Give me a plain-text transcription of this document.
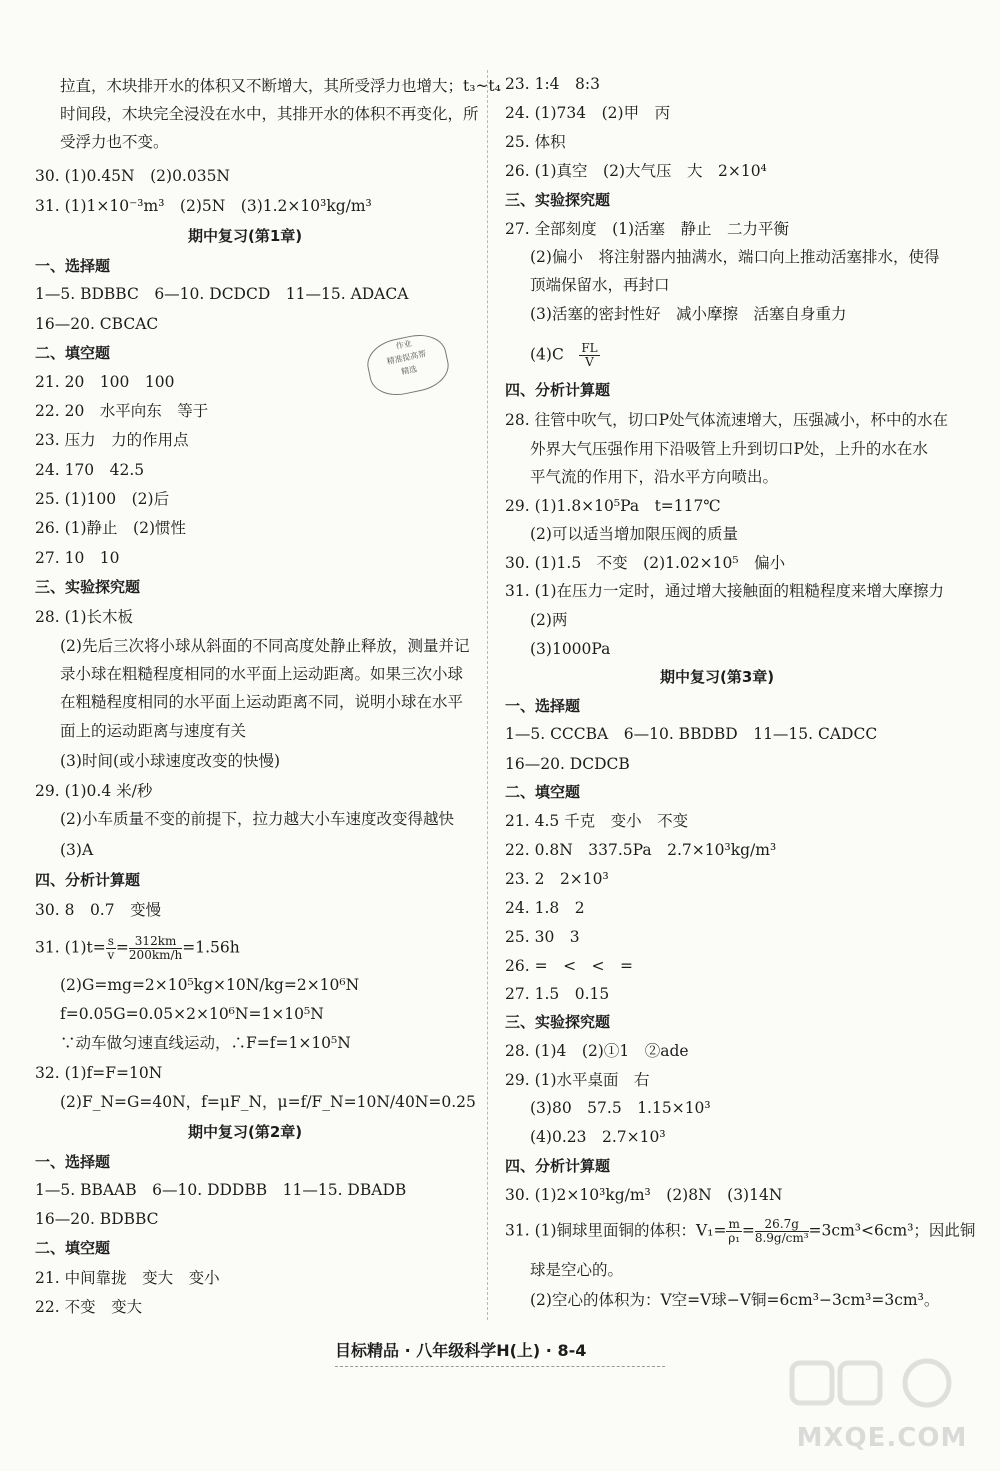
拉直，木块排开水的体积又不断增大，其所受浮力也增大；t₃~t₄
时间段，木块完全浸没在水中，其排开水的体积不再变化，所
受浮力也不变。
30. (1)0.45N　(2)0.035N
31. (1)1×10⁻³m³　(2)5N　(3)1.2×10³kg/m³
期中复习(第1章)
一、选择题
1—5. BDBBC　6—10. DCDCD　11—15. ADACA
16—20. CBCAC
二、填空题
21. 20　100　100
22. 20　水平向东　等于
23. 压力　力的作用点
24. 170　42.5
25. (1)100　(2)后
26. (1)静止　(2)惯性
27. 10　10
三、实验探究题
28. (1)长木板
(2)先后三次将小球从斜面的不同高度处静止释放，测量并记
录小球在粗糙程度相同的水平面上运动距离。如果三次小球
在粗糙程度相同的水平面上运动距离不同，说明小球在水平
面上的运动距离与速度有关
(3)时间(或小球速度改变的快慢)
29. (1)0.4 米/秒
(2)小车质量不变的前提下，拉力越大小车速度改变得越快
(3)A
四、分析计算题
30. 8　0.7　变慢
31. $(1)t= \frac{s}{v} = \frac{312km}{200km/h} =1.56h$
(2)G=mg=2×10⁵kg×10N/kg=2×10⁶N
f=0.05G=0.05×2×10⁶N=1×10⁵N
∵动车做匀速直线运动，∴F=f=1×10⁵N
32. (1)f=F=10N
(2)F_N=G=40N，f=μF_N，μ=f/F_N=10N/40N=0.25
期中复习(第2章)
一、选择题
1—5. BBAAB　6—10. DDDBB　11—15. DBADB
16—20. BDBBC
二、填空题
21. 中间靠拢　变大　变小
22. 不变　变大
作业
精准提高帮
精选
23. 1:4　8:3
24. (1)734　(2)甲　丙
25. 体积
26. (1)真空　(2)大气压　大　2×10⁴
三、实验探究题
27. 全部刻度　(1)活塞　静止　二力平衡
(2)偏小　将注射器内抽满水，端口向上推动活塞排水，使得
顶端保留水，再封口
(3)活塞的密封性好　减小摩擦　活塞自身重力
(4)C　 $\frac{FL}{V}$
四、分析计算题
28. 往管中吹气，切口P处气体流速增大，压强减小，杯中的水在
外界大气压强作用下沿吸管上升到切口P处，上升的水在水
平气流的作用下，沿水平方向喷出。
29. (1)1.8×10⁵Pa　t=117℃
(2)可以适当增加限压阀的质量
30. (1)1.5　不变　(2)1.02×10⁵　偏小
31. (1)在压力一定时，通过增大接触面的粗糙程度来增大摩擦力
(2)两
(3)1000Pa
期中复习(第3章)
一、选择题
1—5. CCCBA　6—10. BBDBD　11—15. CADCC
16—20. DCDCB
二、填空题
21. 4.5 千克　变小　不变
22. 0.8N　337.5Pa　2.7×10³kg/m³
23. 2　2×10³
24. 1.8　2
25. 30　3
26. =　<　<　=
27. 1.5　0.15
三、实验探究题
28. (1)4　(2)①1　②ade
29. (1)水平桌面　右
(3)80　57.5　1.15×10³
(4)0.23　2.7×10³
四、分析计算题
30. (1)2×10³kg/m³　(2)8N　(3)14N
31. (1)铜球里面铜的体积：$V_1= \frac{m}{\text{ρ₁}} = \frac{26.7g}{\text{8.9g/cm³}} =3cm^3<6cm^3$；因此铜
球是空心的。
(2)空心的体积为：V空=V球−V铜=6cm³−3cm³=3cm³。
目标精品 · 八年级科学H(上) · 8-4
MXQE.COM
